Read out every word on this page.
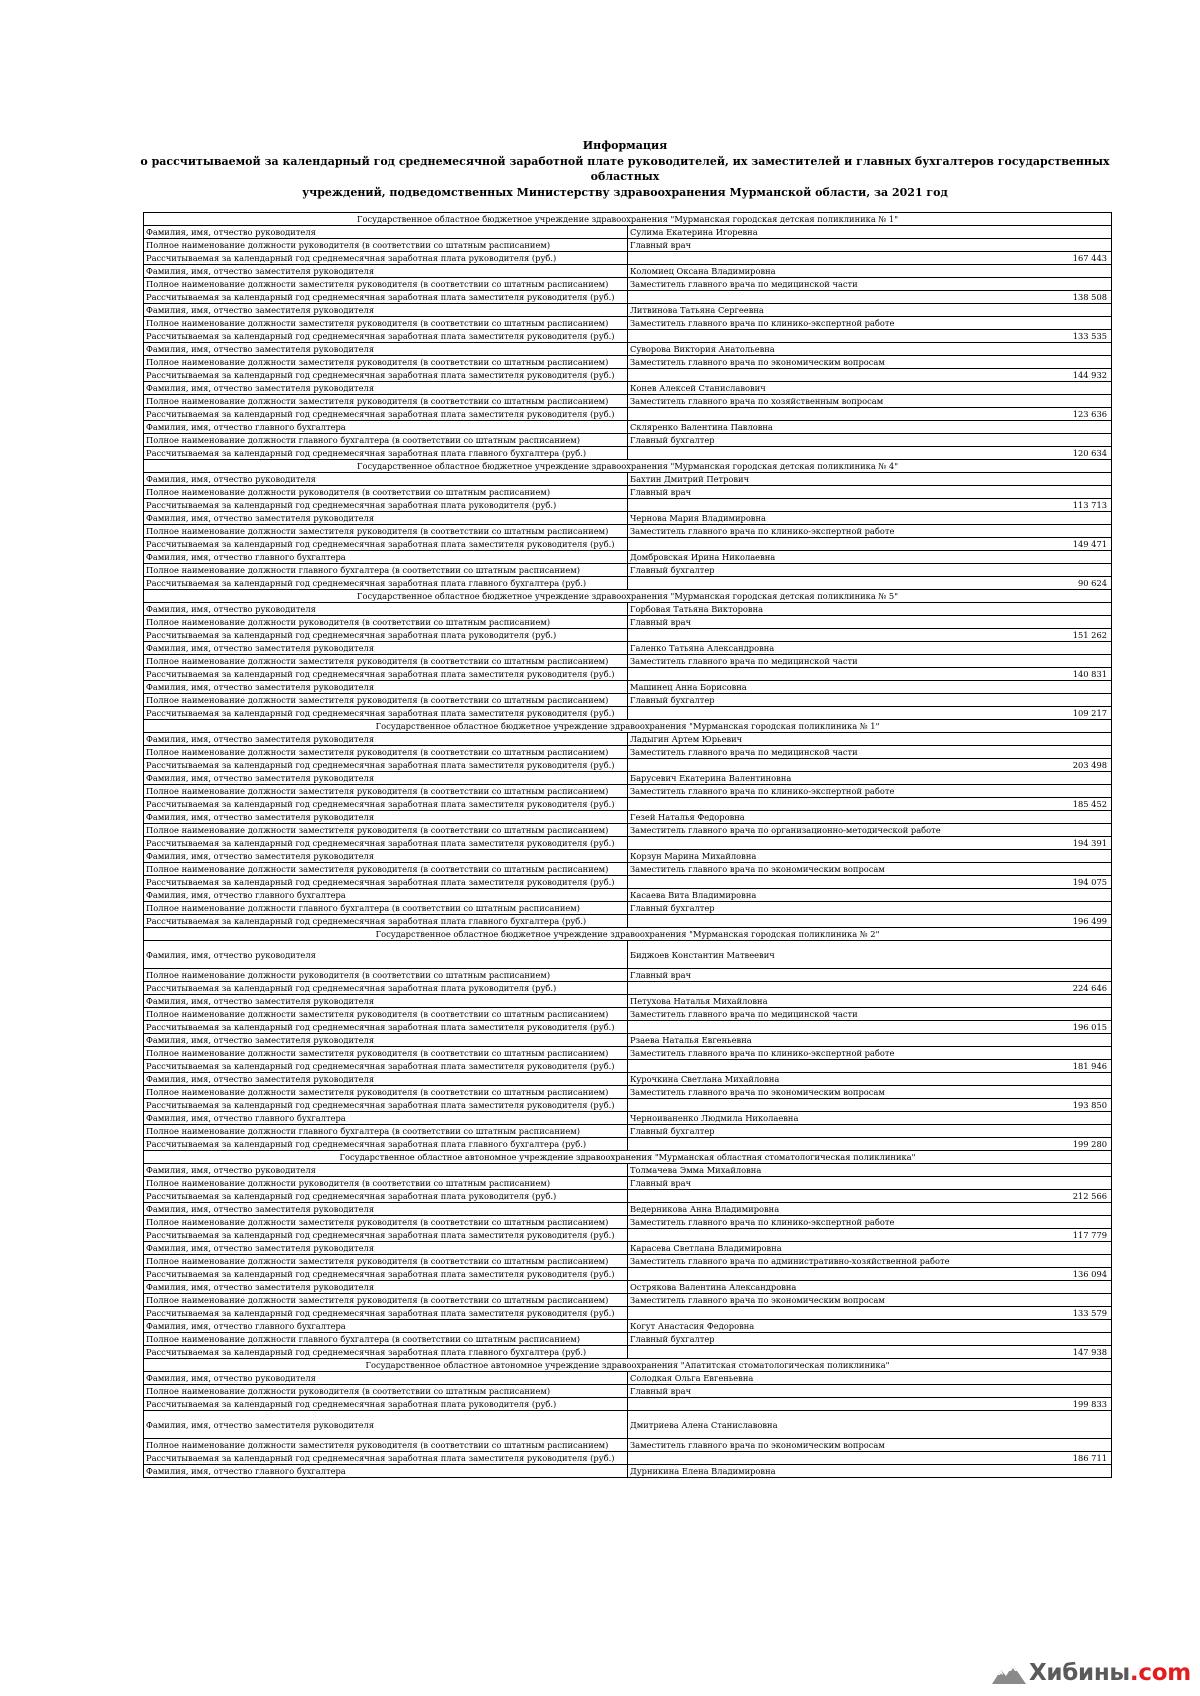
Информация
о рассчитываемой за календарный год среднемесячной заработной плате руководителей, их заместителей и главных бухгалтеров государственных областных
учреждений, подведомственных Министерству здравоохранения Мурманской области, за 2021 год
Государственное областное бюджетное учреждение здравоохранения "Мурманская городская детская поликлиника № 1"	
Фамилия, имя, отчество руководителя	Сулима Екатерина Игоревна
Полное наименование должности руководителя (в соответствии со штатным расписанием)	Главный врач
Рассчитываемая за календарный год среднемесячная заработная плата руководителя (руб.)	167 443
Фамилия, имя, отчество заместителя руководителя	Коломиец Оксана Владимировна
Полное наименование должности заместителя руководителя (в соответствии со штатным расписанием)	Заместитель главного врача по медицинской части
Рассчитываемая за календарный год среднемесячная заработная плата заместителя руководителя (руб.)	138 508
Фамилия, имя, отчество заместителя руководителя	Литвинова Татьяна Сергеевна
Полное наименование должности заместителя руководителя (в соответствии со штатным расписанием)	Заместитель главного врача по клинико-экспертной работе
Рассчитываемая за календарный год среднемесячная заработная плата заместителя руководителя (руб.)	133 535
Фамилия, имя, отчество заместителя руководителя	Суворова Виктория Анатольевна
Полное наименование должности заместителя руководителя (в соответствии со штатным расписанием)	Заместитель главного врача по экономическим вопросам
Рассчитываемая за календарный год среднемесячная заработная плата заместителя руководителя (руб.)	144 932
Фамилия, имя, отчество заместителя руководителя	Конев Алексей Станиславович
Полное наименование должности заместителя руководителя (в соответствии со штатным расписанием)	Заместитель главного врача по хозяйственным вопросам
Рассчитываемая за календарный год среднемесячная заработная плата заместителя руководителя (руб.)	123 636
Фамилия, имя, отчество главного бухгалтера	Скляренко Валентина Павловна
Полное наименование должности главного бухгалтера (в соответствии со штатным расписанием)	Главный бухгалтер
Рассчитываемая за календарный год среднемесячная заработная плата главного бухгалтера (руб.)	120 634
Государственное областное бюджетное учреждение здравоохранения "Мурманская городская детская поликлиника № 4"	
Фамилия, имя, отчество руководителя	Бахтин Дмитрий Петрович
Полное наименование должности руководителя (в соответствии со штатным расписанием)	Главный врач
Рассчитываемая за календарный год среднемесячная заработная плата руководителя (руб.)	113 713
Фамилия, имя, отчество заместителя руководителя	Чернова Мария Владимировна
Полное наименование должности заместителя руководителя (в соответствии со штатным расписанием)	Заместитель главного врача по клинико-экспертной работе
Рассчитываемая за календарный год среднемесячная заработная плата заместителя руководителя (руб.)	149 471
Фамилия, имя, отчество главного бухгалтера	Домбровская Ирина Николаевна
Полное наименование должности главного бухгалтера (в соответствии со штатным расписанием)	Главный бухгалтер
Рассчитываемая за календарный год среднемесячная заработная плата главного бухгалтера (руб.)	90 624
Государственное областное бюджетное учреждение здравоохранения "Мурманская городская детская поликлиника № 5"	
Фамилия, имя, отчество руководителя	Горбовая Татьяна Викторовна
Полное наименование должности руководителя (в соответствии со штатным расписанием)	Главный врач
Рассчитываемая за календарный год среднемесячная заработная плата руководителя (руб.)	151 262
Фамилия, имя, отчество заместителя руководителя	Галенко Татьяна Александровна
Полное наименование должности заместителя руководителя (в соответствии со штатным расписанием)	Заместитель главного врача по медицинской части
Рассчитываемая за календарный год среднемесячная заработная плата заместителя руководителя (руб.)	140 831
Фамилия, имя, отчество заместителя руководителя	Машинец Анна Борисовна
Полное наименование должности заместителя руководителя (в соответствии со штатным расписанием)	Главный бухгалтер
Рассчитываемая за календарный год среднемесячная заработная плата заместителя руководителя (руб.)	109 217
Государственное областное бюджетное учреждение здравоохранения "Мурманская городская поликлиника № 1"	
Фамилия, имя, отчество заместителя руководителя	Ладыгин Артем Юрьевич
Полное наименование должности заместителя руководителя (в соответствии со штатным расписанием)	Заместитель главного врача по медицинской части
Рассчитываемая за календарный год среднемесячная заработная плата заместителя руководителя (руб.)	203 498
Фамилия, имя, отчество заместителя руководителя	Барусевич Екатерина Валентиновна
Полное наименование должности заместителя руководителя (в соответствии со штатным расписанием)	Заместитель главного врача по клинико-экспертной работе
Рассчитываемая за календарный год среднемесячная заработная плата заместителя руководителя (руб.)	185 452
Фамилия, имя, отчество заместителя руководителя	Гезей Наталья Федоровна
Полное наименование должности заместителя руководителя (в соответствии со штатным расписанием)	Заместитель главного врача по организационно-методической работе
Рассчитываемая за календарный год среднемесячная заработная плата заместителя руководителя (руб.)	194 391
Фамилия, имя, отчество заместителя руководителя	Корзун Марина Михайловна
Полное наименование должности заместителя руководителя (в соответствии со штатным расписанием)	Заместитель главного врача по экономическим вопросам
Рассчитываемая за календарный год среднемесячная заработная плата заместителя руководителя (руб.)	194 075
Фамилия, имя, отчество главного бухгалтера	Касаева Вита Владимировна
Полное наименование должности главного бухгалтера (в соответствии со штатным расписанием)	Главный бухгалтер
Рассчитываемая за календарный год среднемесячная заработная плата главного бухгалтера (руб.)	196 499
Государственное областное бюджетное учреждение здравоохранения "Мурманская городская поликлиника № 2"	
Фамилия, имя, отчество руководителя	Биджоев Константин Матвеевич
Полное наименование должности руководителя (в соответствии со штатным расписанием)	Главный врач
Рассчитываемая за календарный год среднемесячная заработная плата руководителя (руб.)	224 646
Фамилия, имя, отчество заместителя руководителя	Петухова Наталья Михайловна
Полное наименование должности заместителя руководителя (в соответствии со штатным расписанием)	Заместитель главного врача по медицинской части
Рассчитываемая за календарный год среднемесячная заработная плата заместителя руководителя (руб.)	196 015
Фамилия, имя, отчество заместителя руководителя	Рзаева Наталья Евгеньевна
Полное наименование должности заместителя руководителя (в соответствии со штатным расписанием)	Заместитель главного врача по клинико-экспертной работе
Рассчитываемая за календарный год среднемесячная заработная плата заместителя руководителя (руб.)	181 946
Фамилия, имя, отчество заместителя руководителя	Курочкина Светлана Михайловна
Полное наименование должности заместителя руководителя (в соответствии со штатным расписанием)	Заместитель главного врача по экономическим вопросам
Рассчитываемая за календарный год среднемесячная заработная плата заместителя руководителя (руб.)	193 850
Фамилия, имя, отчество главного бухгалтера	Черноиваненко Людмила Николаевна
Полное наименование должности главного бухгалтера (в соответствии со штатным расписанием)	Главный бухгалтер
Рассчитываемая за календарный год среднемесячная заработная плата главного бухгалтера (руб.)	199 280
Государственное областное автономное учреждение здравоохранения "Мурманская областная стоматологическая поликлиника"	
Фамилия, имя, отчество руководителя	Толмачева Эмма Михайловна
Полное наименование должности руководителя (в соответствии со штатным расписанием)	Главный врач
Рассчитываемая за календарный год среднемесячная заработная плата руководителя (руб.)	212 566
Фамилия, имя, отчество заместителя руководителя	Ведерникова Анна Владимировна
Полное наименование должности заместителя руководителя (в соответствии со штатным расписанием)	Заместитель главного врача по клинико-экспертной работе
Рассчитываемая за календарный год среднемесячная заработная плата заместителя руководителя (руб.)	117 779
Фамилия, имя, отчество заместителя руководителя	Карасева Светлана Владимировна
Полное наименование должности заместителя руководителя (в соответствии со штатным расписанием)	Заместитель главного врача по административно-хозяйственной работе
Рассчитываемая за календарный год среднемесячная заработная плата заместителя руководителя (руб.)	136 094
Фамилия, имя, отчество заместителя руководителя	Остряковa Валентина Александровна
Полное наименование должности заместителя руководителя (в соответствии со штатным расписанием)	Заместитель главного врача по экономическим вопросам
Рассчитываемая за календарный год среднемесячная заработная плата заместителя руководителя (руб.)	133 579
Фамилия, имя, отчество главного бухгалтера	Когут Анастасия Федоровна
Полное наименование должности главного бухгалтера (в соответствии со штатным расписанием)	Главный бухгалтер
Рассчитываемая за календарный год среднемесячная заработная плата главного бухгалтера (руб.)	147 938
Государственное областное автономное учреждение здравоохранения "Апатитская стоматологическая поликлиника"	
Фамилия, имя, отчество руководителя	Солодкая Ольга Евгеньевна
Полное наименование должности руководителя (в соответствии со штатным расписанием)	Главный врач
Рассчитываемая за календарный год среднемесячная заработная плата руководителя (руб.)	199 833
Фамилия, имя, отчество заместителя руководителя	Дмитриева Алена Станиславовна
Полное наименование должности заместителя руководителя (в соответствии со штатным расписанием)	Заместитель главного врача по экономическим вопросам
Рассчитываемая за календарный год среднемесячная заработная плата заместителя руководителя (руб.)	186 711
Фамилия, имя, отчество главного бухгалтера	Дурникина Елена Владимировна
Хибины.com
